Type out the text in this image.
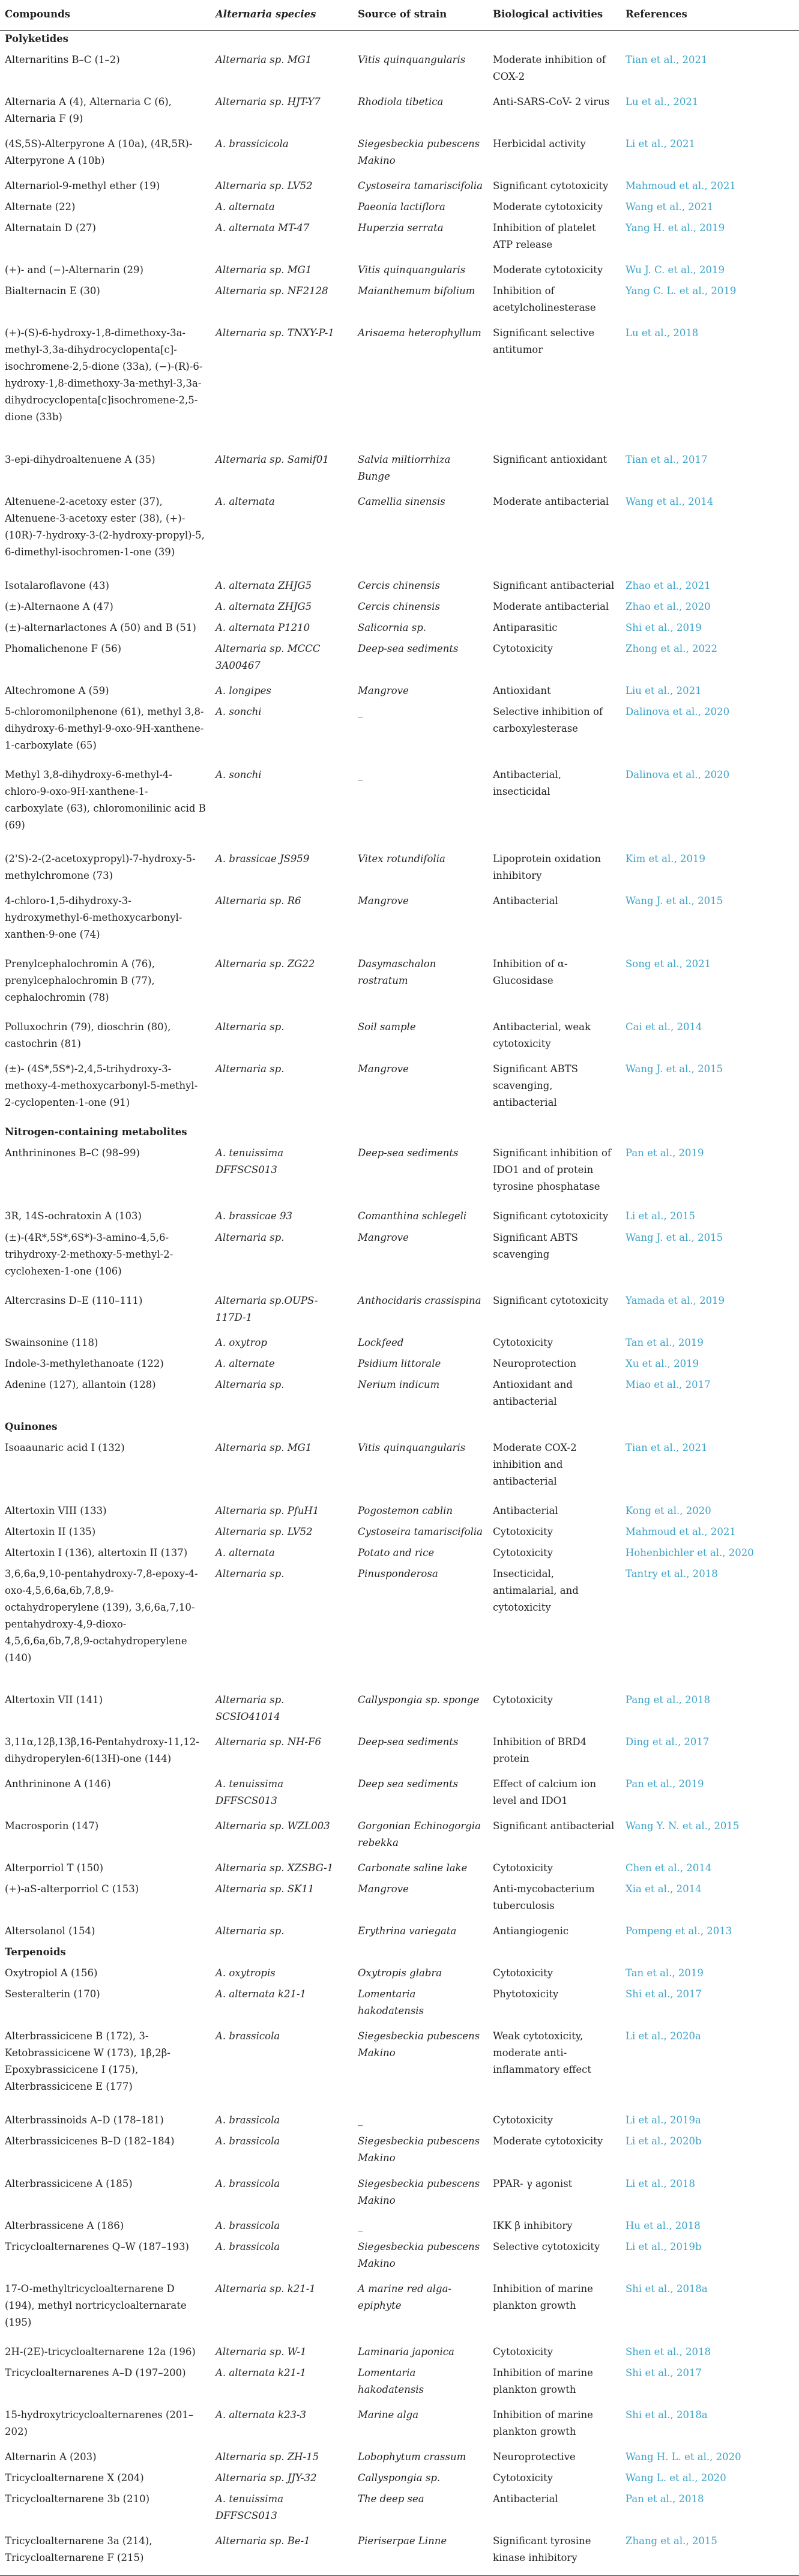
Compounds	Alternaria species	Source of strain	Biological activities	References
Polyketides				
Alternaritins B–C (1–2)	Alternaria sp. MG1	Vitis quinquangularis	Moderate inhibition of COX-2	Tian et al., 2021
Alternaria A (4), Alternaria C (6), Alternaria F (9)	Alternaria sp. HJT-Y7	Rhodiola tibetica	Anti-SARS-CoV- 2 virus	Lu et al., 2021
(4S,5S)-Alterpyrone A (10a), (4R,5R)-Alterpyrone A (10b)	A. brassicicola	Siegesbeckia pubescens Makino	Herbicidal activity	Li et al., 2021
Alternariol-9-methyl ether (19)	Alternaria sp. LV52	Cystoseira tamariscifolia	Significant cytotoxicity	Mahmoud et al., 2021
Alternate (22)	A. alternata	Paeonia lactiflora	Moderate cytotoxicity	Wang et al., 2021
Alternatain D (27)	A. alternata MT-47	Huperzia serrata	Inhibition of platelet ATP release	Yang H. et al., 2019
(+)- and (−)-Alternarin (29)	Alternaria sp. MG1	Vitis quinquangularis	Moderate cytotoxicity	Wu J. C. et al., 2019
Bialternacin E (30)	Alternaria sp. NF2128	Maianthemum bifolium	Inhibition of acetylcholinesterase	Yang C. L. et al., 2019
(+)-(S)-6-hydroxy-1,8-dimethoxy-3a-methyl-3,3a-dihydrocyclopenta[c]-isochromene-2,5-dione (33a), (−)-(R)-6-hydroxy-1,8-dimethoxy-3a-methyl-3,3a-dihydrocyclopenta[c]isochromene-2,5-dione (33b)	Alternaria sp. TNXY-P-1	Arisaema heterophyllum	Significant selective antitumor	Lu et al., 2018
3-epi-dihydroaltenuene A (35)	Alternaria sp. Samif01	Salvia miltiorrhiza Bunge	Significant antioxidant	Tian et al., 2017
Altenuene-2-acetoxy ester (37), Altenuene-3-acetoxy ester (38), (+)-(10R)-7-hydroxy-3-(2-hydroxy-propyl)-5, 6-dimethyl-isochromen-1-one (39)	A. alternata	Camellia sinensis	Moderate antibacterial	Wang et al., 2014
Isotalaroflavone (43)	A. alternata ZHJG5	Cercis chinensis	Significant antibacterial	Zhao et al., 2021
(±)-Alternaone A (47)	A. alternata ZHJG5	Cercis chinensis	Moderate antibacterial	Zhao et al., 2020
(±)-alternarlactones A (50) and B (51)	A. alternata P1210	Salicornia sp.	Antiparasitic	Shi et al., 2019
Phomalichenone F (56)	Alternaria sp. MCCC 3A00467	Deep-sea sediments	Cytotoxicity	Zhong et al., 2022
Altechromone A (59)	A. longipes	Mangrove	Antioxidant	Liu et al., 2021
5-chloromonilphenone (61), methyl 3,8-dihydroxy-6-methyl-9-oxo-9H-xanthene-1-carboxylate (65)	A. sonchi	_	Selective inhibition of carboxylesterase	Dalinova et al., 2020
Methyl 3,8-dihydroxy-6-methyl-4-chloro-9-oxo-9H-xanthene-1-carboxylate (63), chloromonilinic acid B (69)	A. sonchi	_	Antibacterial, insecticidal	Dalinova et al., 2020
(2'S)-2-(2-acetoxypropyl)-7-hydroxy-5-methylchromone (73)	A. brassicae JS959	Vitex rotundifolia	Lipoprotein oxidation inhibitory	Kim et al., 2019
4-chloro-1,5-dihydroxy-3-hydroxymethyl-6-methoxycarbonyl-xanthen-9-one (74)	Alternaria sp. R6	Mangrove	Antibacterial	Wang J. et al., 2015
Prenylcephalochromin A (76), prenylcephalochromin B (77), cephalochromin (78)	Alternaria sp. ZG22	Dasymaschalon rostratum	Inhibition of α-Glucosidase	Song et al., 2021
Polluxochrin (79), dioschrin (80), castochrin (81)	Alternaria sp.	Soil sample	Antibacterial, weak cytotoxicity	Cai et al., 2014
(±)- (4S*,5S*)-2,4,5-trihydroxy-3-methoxy-4-methoxycarbonyl-5-methyl-2-cyclopenten-1-one (91)	Alternaria sp.	Mangrove	Significant ABTS scavenging, antibacterial	Wang J. et al., 2015
Nitrogen-containing metabolites				
Anthrininones B–C (98–99)	A. tenuissima DFFSCS013	Deep-sea sediments	Significant inhibition of IDO1 and of protein tyrosine phosphatase	Pan et al., 2019
3R, 14S-ochratoxin A (103)	A. brassicae 93	Comanthina schlegeli	Significant cytotoxicity	Li et al., 2015
(±)-(4R*,5S*,6S*)-3-amino-4,5,6-trihydroxy-2-methoxy-5-methyl-2-cyclohexen-1-one (106)	Alternaria sp.	Mangrove	Significant ABTS scavenging	Wang J. et al., 2015
Altercrasins D–E (110–111)	Alternaria sp.OUPS-117D-1	Anthocidaris crassispina	Significant cytotoxicity	Yamada et al., 2019
Swainsonine (118)	A. oxytrop	Lockfeed	Cytotoxicity	Tan et al., 2019
Indole-3-methylethanoate (122)	A. alternate	Psidium littorale	Neuroprotection	Xu et al., 2019
Adenine (127), allantoin (128)	Alternaria sp.	Nerium indicum	Antioxidant and antibacterial	Miao et al., 2017
Quinones				
Isoaaunaric acid I (132)	Alternaria sp. MG1	Vitis quinquangularis	Moderate COX-2 inhibition and antibacterial	Tian et al., 2021
Altertoxin VIII (133)	Alternaria sp. PfuH1	Pogostemon cablin	Antibacterial	Kong et al., 2020
Altertoxin II (135)	Alternaria sp. LV52	Cystoseira tamariscifolia	Cytotoxicity	Mahmoud et al., 2021
Altertoxin I (136), altertoxin II (137)	A. alternata	Potato and rice	Cytotoxicity	Hohenbichler et al., 2020
3,6,6a,9,10-pentahydroxy-7,8-epoxy-4-oxo-4,5,6,6a,6b,7,8,9-octahydroperylene (139), 3,6,6a,7,10-pentahydroxy-4,9-dioxo-4,5,6,6a,6b,7,8,9-octahydroperylene (140)	Alternaria sp.	Pinusponderosa	Insecticidal, antimalarial, and cytotoxicity	Tantry et al., 2018
Altertoxin VII (141)	Alternaria sp. SCSIO41014	Callyspongia sp. sponge	Cytotoxicity	Pang et al., 2018
3,11α,12β,13β,16-Pentahydroxy-11,12-dihydroperylen-6(13H)-one (144)	Alternaria sp. NH-F6	Deep-sea sediments	Inhibition of BRD4 protein	Ding et al., 2017
Anthrininone A (146)	A. tenuissima DFFSCS013	Deep sea sediments	Effect of calcium ion level and IDO1	Pan et al., 2019
Macrosporin (147)	Alternaria sp. WZL003	Gorgonian Echinogorgia rebekka	Significant antibacterial	Wang Y. N. et al., 2015
Alterporriol T (150)	Alternaria sp. XZSBG-1	Carbonate saline lake	Cytotoxicity	Chen et al., 2014
(+)-aS-alterporriol C (153)	Alternaria sp. SK11	Mangrove	Anti-mycobacterium tuberculosis	Xia et al., 2014
Altersolanol (154)	Alternaria sp.	Erythrina variegata	Antiangiogenic	Pompeng et al., 2013
Terpenoids				
Oxytropiol A (156)	A. oxytropis	Oxytropis glabra	Cytotoxicity	Tan et al., 2019
Sesteralterin (170)	A. alternata k21-1	Lomentaria hakodatensis	Phytotoxicity	Shi et al., 2017
Alterbrassicicene B (172), 3-Ketobrassicicene W (173), 1β,2β-Epoxybrassicicene I (175), Alterbrassicicene E (177)	A. brassicola	Siegesbeckia pubescens Makino	Weak cytotoxicity, moderate anti-inflammatory effect	Li et al., 2020a
Alterbrassinoids A–D (178–181)	A. brassicola	_	Cytotoxicity	Li et al., 2019a
Alterbrassicicenes B–D (182–184)	A. brassicola	Siegesbeckia pubescens Makino	Moderate cytotoxicity	Li et al., 2020b
Alterbrassicicene A (185)	A. brassicola	Siegesbeckia pubescens Makino	PPAR- γ agonist	Li et al., 2018
Alterbrassicene A (186)	A. brassicola	_	IKK β inhibitory	Hu et al., 2018
Tricycloalternarenes Q–W (187–193)	A. brassicola	Siegesbeckia pubescens Makino	Selective cytotoxicity	Li et al., 2019b
17-O-methyltricycloalternarene D (194), methyl nortricycloalternarate (195)	Alternaria sp. k21-1	A marine red alga-epiphyte	Inhibition of marine plankton growth	Shi et al., 2018a
2H-(2E)-tricycloalternarene 12a (196)	Alternaria sp. W-1	Laminaria japonica	Cytotoxicity	Shen et al., 2018
Tricycloalternarenes A–D (197–200)	A. alternata k21-1	Lomentaria hakodatensis	Inhibition of marine plankton growth	Shi et al., 2017
15-hydroxytricycloalternarenes (201–202)	A. alternata k23-3	Marine alga	Inhibition of marine plankton growth	Shi et al., 2018a
Alternarin A (203)	Alternaria sp. ZH-15	Lobophytum crassum	Neuroprotective	Wang H. L. et al., 2020
Tricycloalternarene X (204)	Alternaria sp. JJY-32	Callyspongia sp.	Cytotoxicity	Wang L. et al., 2020
Tricycloalternarene 3b (210)	A. tenuissima DFFSCS013	The deep sea	Antibacterial	Pan et al., 2018
Tricycloalternarene 3a (214), Tricycloalternarene F (215)	Alternaria sp. Be-1	Pieriserpae Linne	Significant tyrosine kinase inhibitory	Zhang et al., 2015
